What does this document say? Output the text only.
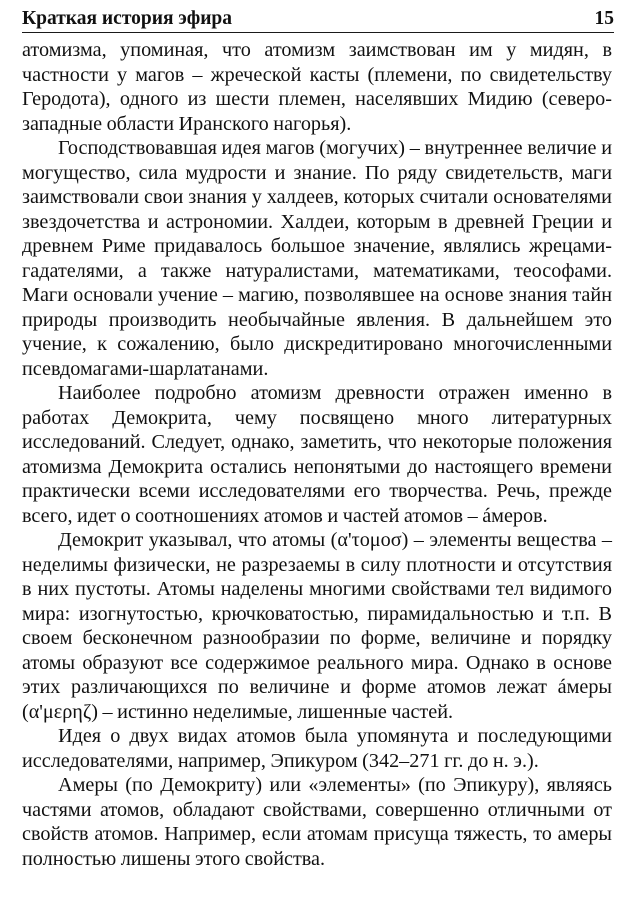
Краткая история эфира	15

атомизма, упоминая, что атомизм заимствован им у мидян, в частности у магов – жреческой касты (племени, по свидетельству Геродота), одного из шести племен, населявших Мидию (северо-западные области Иранского нагорья).

Господствовавшая идея магов (могучих) – внутреннее величие и могущество, сила мудрости и знание. По ряду свидетельств, маги заимствовали свои знания у халдеев, которых считали основателями звездочетства и астрономии. Халдеи, которым в древней Греции и древнем Риме придавалось большое значение, являлись жрецами-гадателями, а также натуралистами, математиками, теософами. Маги основали учение – магию, позволявшее на основе знания тайн природы производить необычайные явления. В дальнейшем это учение, к сожалению, было дискредитировано многочисленными псевдомагами-шарлатанами.

Наиболее подробно атомизм древности отражен именно в работах Демокрита, чему посвящено много литературных исследований. Следует, однако, заметить, что некоторые положения атомизма Демокрита остались непонятыми до настоящего времени практически всеми исследователями его творчества. Речь, прежде всего, идет о соотношениях атомов и частей атомов – áмеров.

Демокрит указывал, что атомы (α'τομοσ) – элементы вещества – неделимы физически, не разрезаемы в силу плотности и отсутствия в них пустоты. Атомы наделены многими свойствами тел видимого мира: изогнутостью, крючковатостью, пирамидальностью и т.п. В своем бесконечном разнообразии по форме, величине и порядку атомы образуют все содержимое реального мира. Однако в основе этих различающихся по величине и форме атомов лежат áмеры (α'μερηζ) – истинно неделимые, лишенные частей.

Идея о двух видах атомов была упомянута и последующими исследователями, например, Эпикуром (342–271 гг. до н. э.).

Амеры (по Демокриту) или «элементы» (по Эпикуру), являясь частями атомов, обладают свойствами, совершенно отличными от свойств атомов. Например, если атомам присуща тяжесть, то амеры полностью лишены этого свойства.
